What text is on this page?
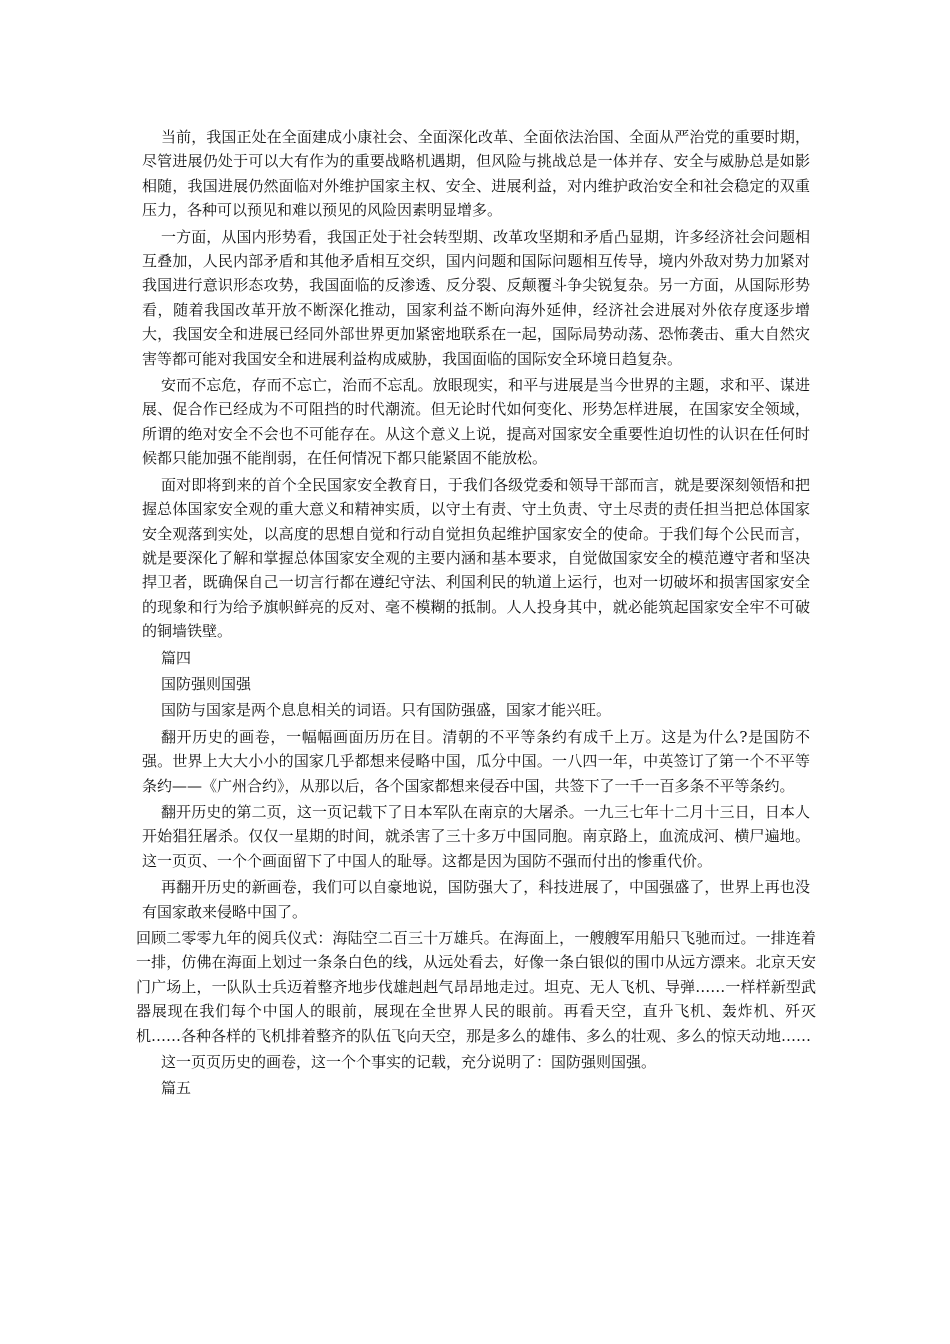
当前，我国正处在全面建成小康社会、全面深化改革、全面依法治国、全面从严治党的重要时期，尽管进展仍处于可以大有作为的重要战略机遇期，但风险与挑战总是一体并存、安全与威胁总是如影相随，我国进展仍然面临对外维护国家主权、安全、进展利益，对内维护政治安全和社会稳定的双重压力，各种可以预见和难以预见的风险因素明显增多。

一方面，从国内形势看，我国正处于社会转型期、改革攻坚期和矛盾凸显期，许多经济社会问题相互叠加，人民内部矛盾和其他矛盾相互交织，国内问题和国际问题相互传导，境内外敌对势力加紧对我国进行意识形态攻势，我国面临的反渗透、反分裂、反颠覆斗争尖锐复杂。另一方面，从国际形势看，随着我国改革开放不断深化推动，国家利益不断向海外延伸，经济社会进展对外依存度逐步增大，我国安全和进展已经同外部世界更加紧密地联系在一起，国际局势动荡、恐怖袭击、重大自然灾害等都可能对我国安全和进展利益构成威胁，我国面临的国际安全环境日趋复杂。

安而不忘危，存而不忘亡，治而不忘乱。放眼现实，和平与进展是当今世界的主题，求和平、谋进展、促合作已经成为不可阻挡的时代潮流。但无论时代如何变化、形势怎样进展，在国家安全领域，所谓的绝对安全不会也不可能存在。从这个意义上说，提高对国家安全重要性迫切性的认识在任何时候都只能加强不能削弱，在任何情况下都只能紧固不能放松。

面对即将到来的首个全民国家安全教育日，于我们各级党委和领导干部而言，就是要深刻领悟和把握总体国家安全观的重大意义和精神实质，以守土有责、守土负责、守土尽责的责任担当把总体国家安全观落到实处，以高度的思想自觉和行动自觉担负起维护国家安全的使命。于我们每个公民而言，就是要深化了解和掌握总体国家安全观的主要内涵和基本要求，自觉做国家安全的模范遵守者和坚决捍卫者，既确保自己一切言行都在遵纪守法、利国利民的轨道上运行，也对一切破坏和损害国家安全的现象和行为给予旗帜鲜亮的反对、毫不模糊的抵制。人人投身其中，就必能筑起国家安全牢不可破的铜墙铁壁。

篇四

国防强则国强

国防与国家是两个息息相关的词语。只有国防强盛，国家才能兴旺。

翻开历史的画卷，一幅幅画面历历在目。清朝的不平等条约有成千上万。这是为什么?是国防不强。世界上大大小小的国家几乎都想来侵略中国，瓜分中国。一八四一年，中英签订了第一个不平等条约——《广州合约》，从那以后，各个国家都想来侵吞中国，共签下了一千一百多条不平等条约。

翻开历史的第二页，这一页记载下了日本军队在南京的大屠杀。一九三七年十二月十三日，日本人开始猖狂屠杀。仅仅一星期的时间，就杀害了三十多万中国同胞。南京路上，血流成河、横尸遍地。这一页页、一个个画面留下了中国人的耻辱。这都是因为国防不强而付出的惨重代价。

再翻开历史的新画卷，我们可以自豪地说，国防强大了，科技进展了，中国强盛了，世界上再也没有国家敢来侵略中国了。

回顾二零零九年的阅兵仪式：海陆空二百三十万雄兵。在海面上，一艘艘军用船只飞驰而过。一排连着一排，仿佛在海面上划过一条条白色的线，从远处看去，好像一条白银似的围巾从远方漂来。北京天安门广场上，一队队士兵迈着整齐地步伐雄赳赳气昂昂地走过。坦克、无人飞机、导弹……一样样新型武器展现在我们每个中国人的眼前，展现在全世界人民的眼前。再看天空，直升飞机、轰炸机、歼灭机……各种各样的飞机排着整齐的队伍飞向天空，那是多么的雄伟、多么的壮观、多么的惊天动地……

这一页页历史的画卷，这一个个事实的记载，充分说明了：国防强则国强。

篇五
